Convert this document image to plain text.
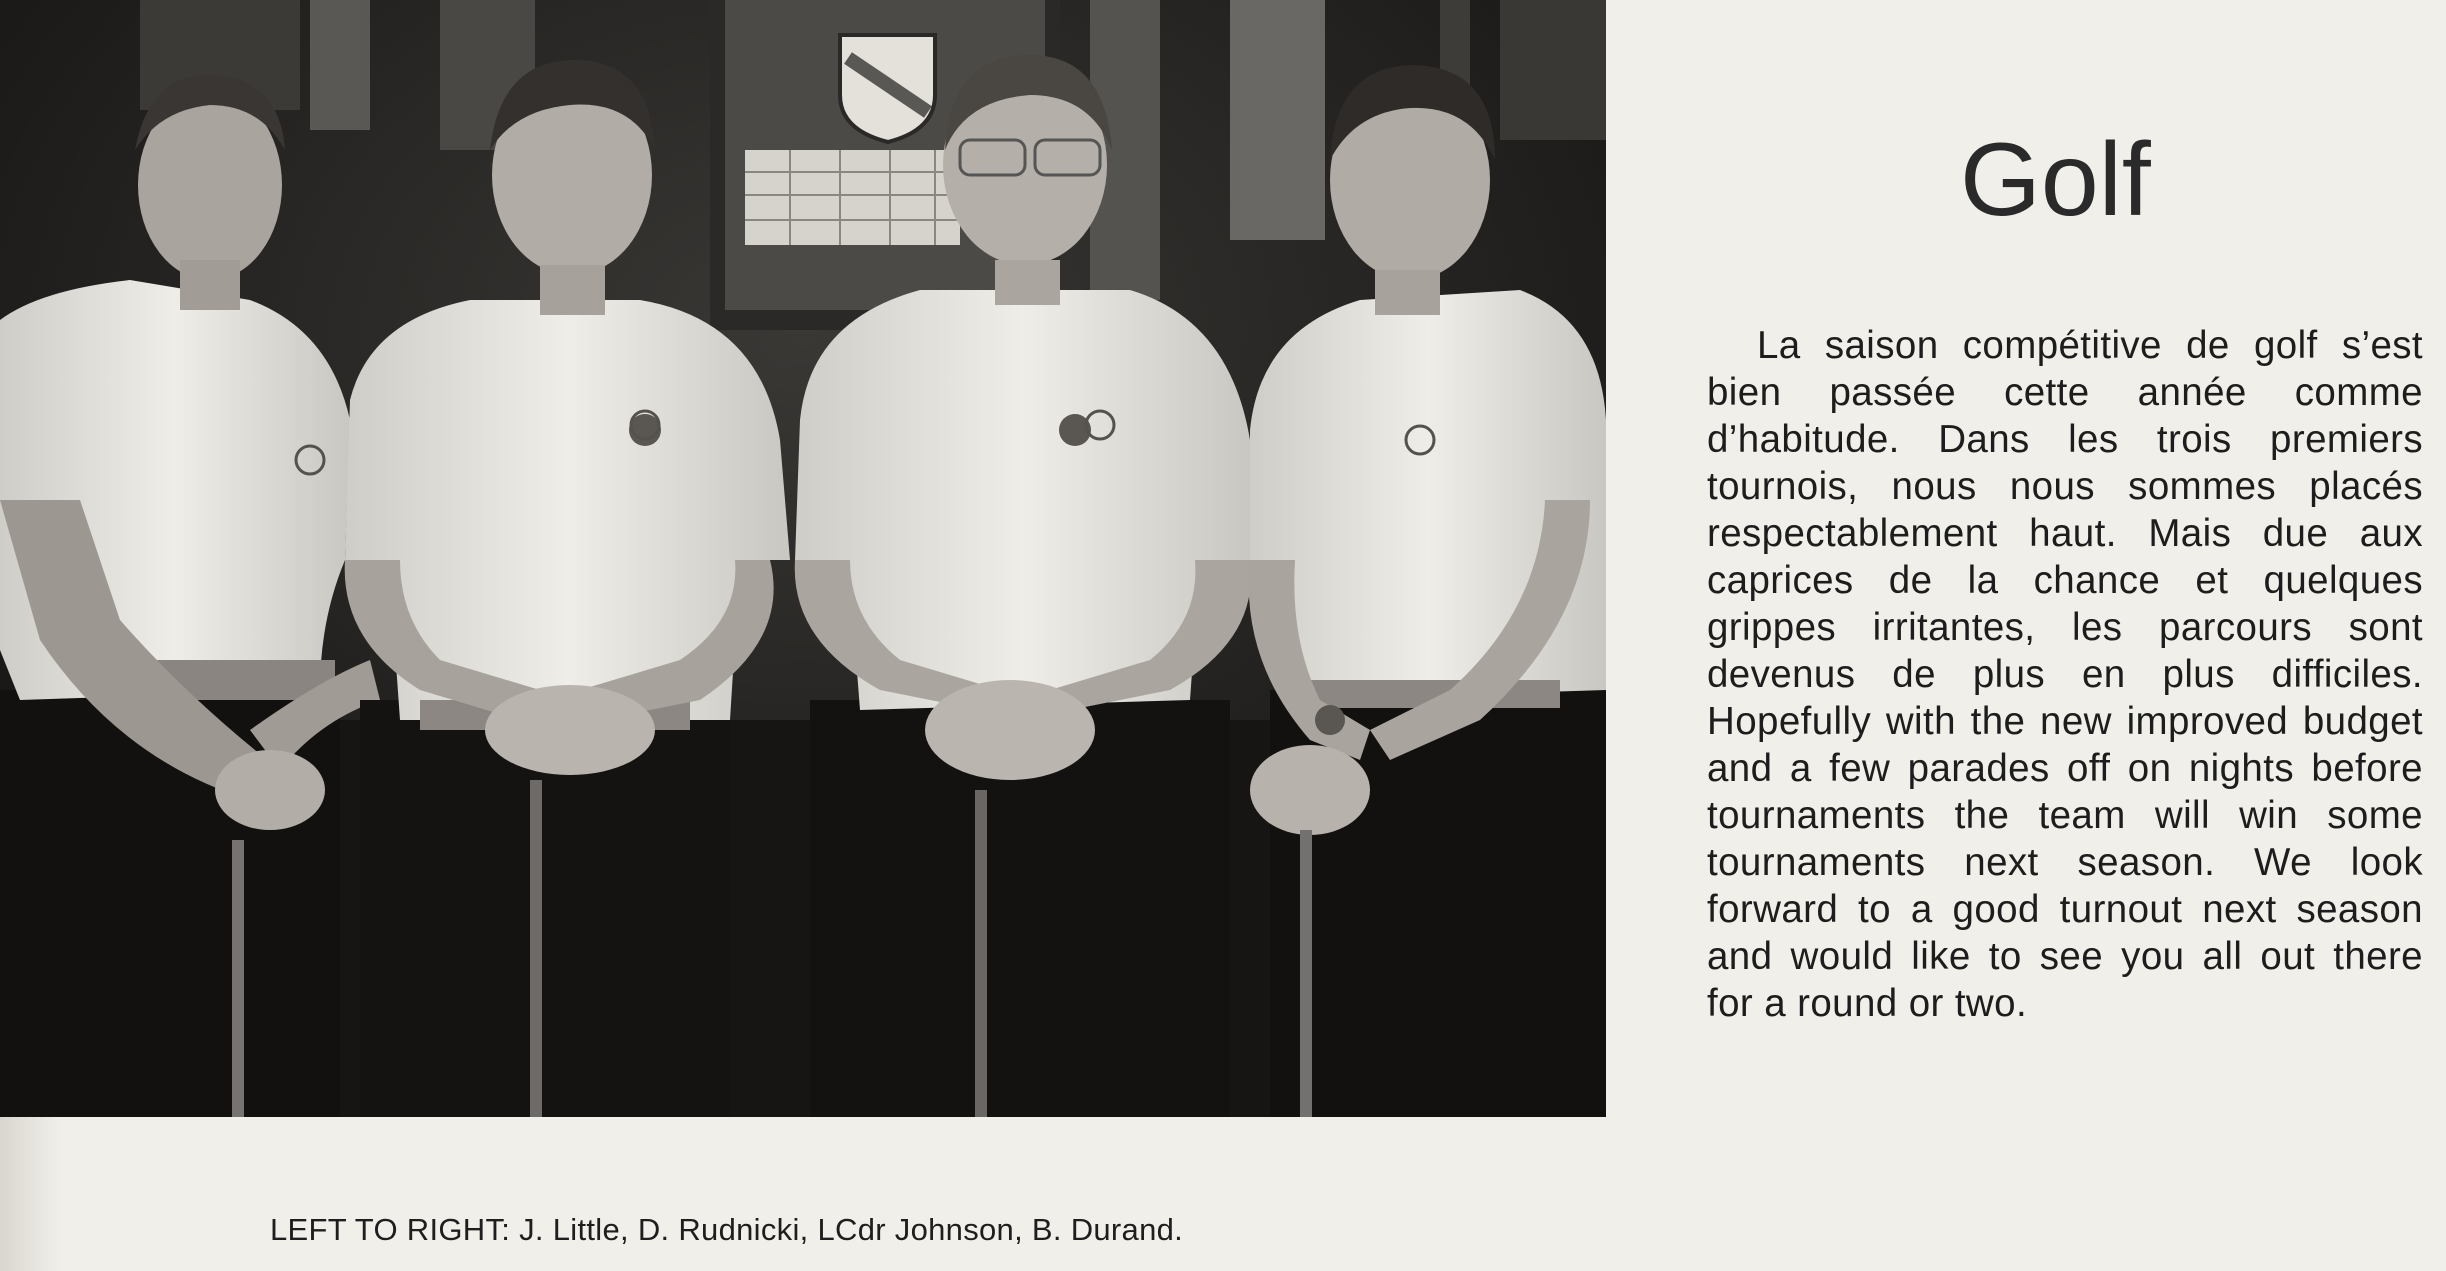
LEFT TO RIGHT: J. Little, D. Rudnicki, LCdr Johnson, B. Durand.
Golf

La saison compétitive de golf s’est bien passée cette année comme d’habitude. Dans les trois premiers tournois, nous nous sommes placés respectablement haut. Mais due aux caprices de la chance et quelques grippes irritantes, les parcours sont devenus de plus en plus difficiles. Hopefully with the new improved budget and a few parades off on nights before tournaments the team will win some tournaments next season. We look forward to a good turnout next season and would like to see you all out there for a round or two.
